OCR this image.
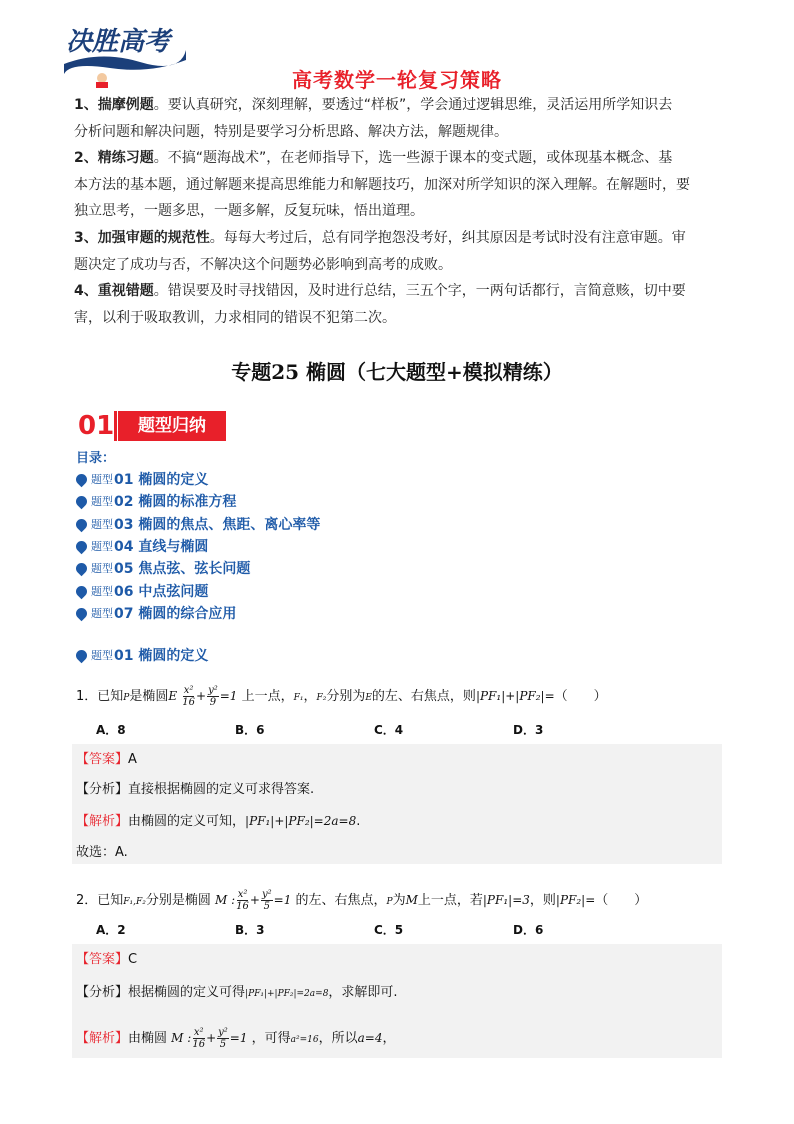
决胜高考
高考数学一轮复习策略
1、揣摩例题。要认真研究，深刻理解，要透过“样板”，学会通过逻辑思维，灵活运用所学知识去
分析问题和解决问题，特别是要学习分析思路、解决方法，解题规律。
2、精练习题。不搞“题海战术”，在老师指导下，选一些源于课本的变式题，或体现基本概念、基
本方法的基本题，通过解题来提高思维能力和解题技巧，加深对所学知识的深入理解。在解题时，要
独立思考，一题多思，一题多解，反复玩味，悟出道理。
3、加强审题的规范性。每每大考过后，总有同学抱怨没考好，纠其原因是考试时没有注意审题。审
题决定了成功与否，不解决这个问题势必影响到高考的成败。
4、重视错题。错误要及时寻找错因，及时进行总结，三五个字，一两句话都行，言简意赅，切中要
害，以利于吸取教训，力求相同的错误不犯第二次。
专题25 椭圆（七大题型+模拟精练）
01	题型归纳
目录：
题型 01 椭圆的定义
题型 02 椭圆的标准方程
题型 03 椭圆的焦点、焦距、离心率等
题型 04 直线与椭圆
题型 05 焦点弦、弦长问题
题型 06 中点弦问题
题型 07 椭圆的综合应用
题型 01 椭圆的定义
1．已知P是椭圆E $\frac{\text{x²}}{16} + \frac{\text{y²}}{9} =1$ 上一点，F₁，F₂分别为E的左、右焦点，则|PF₁|+|PF₂|=（　　）
A．8	B．6	C．4	D．3
【答案】A
【分析】直接根据椭圆的定义可求得答案.
【解析】由椭圆的定义可知，|PF₁|+|PF₂|=2a=8.
故选：A.
2．已知F₁,F₂分别是椭圆 M : $\frac{\text{x²}}{16} + \frac{\text{y²}}{5} =1$ 的左、右焦点，P为M上一点，若|PF₁|=3，则|PF₂|=（　　）
A．2	B．3	C．5	D．6
【答案】C
【分析】根据椭圆的定义可得|PF₁|+|PF₂|=2a=8，求解即可.
【解析】由椭圆 M : $\frac{\text{x²}}{16} + \frac{\text{y²}}{5} =1$ ，可得a²=16，所以a=4，
